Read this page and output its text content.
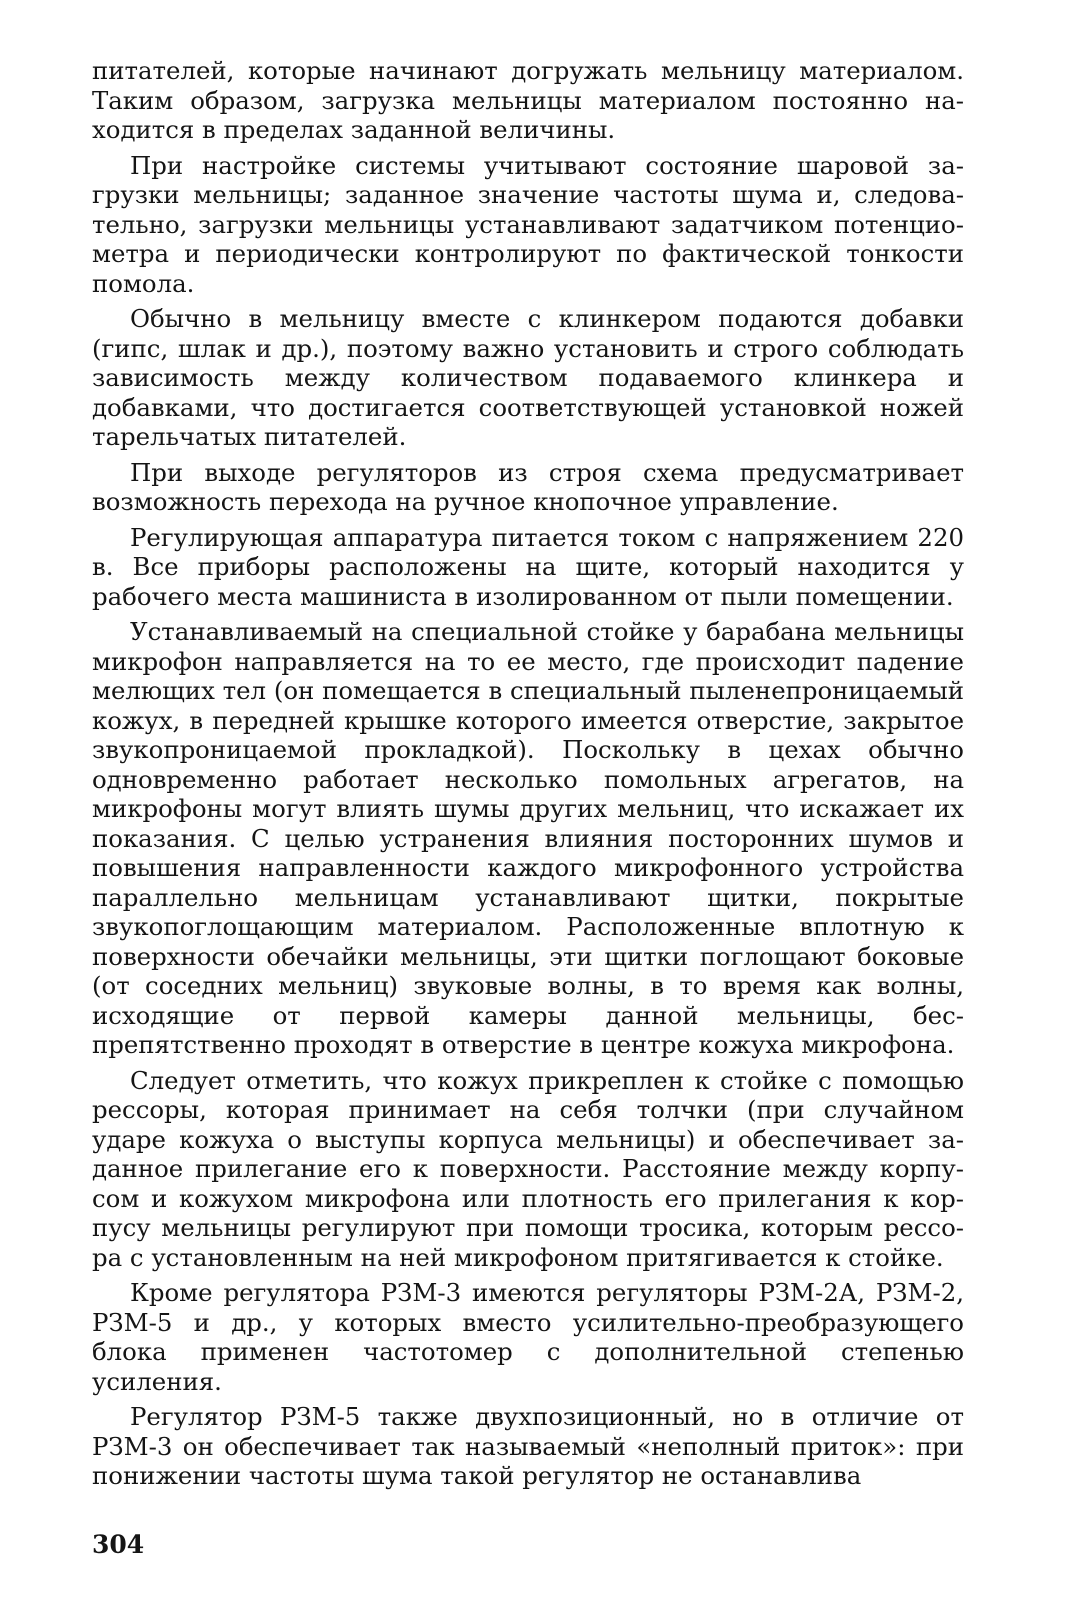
питателей, которые начинают догружать мельницу материалом. Таким образом, загрузка мельницы материалом постоянно находится в пределах заданной величины.

При настройке системы учитывают состояние шаровой загрузки мельницы; заданное значение частоты шума и, следовательно, загрузки мельницы устанавливают задатчиком потенциометра и периодически контролируют по фактической тонкости помола.

Обычно в мельницу вместе с клинкером подаются добавки (гипс, шлак и др.), поэтому важно установить и строго соблюдать зависимость между количеством подаваемого клинкера и добавками, что достигается соответствующей установкой ножей тарельчатых питателей.

При выходе регуляторов из строя схема предусматривает возможность перехода на ручное кнопочное управление.

Регулирующая аппаратура питается током с напряжением 220 в. Все приборы расположены на щите, который находится у рабочего места машиниста в изолированном от пыли помещении.

Устанавливаемый на специальной стойке у барабана мельницы микрофон направляется на то ее место, где происходит падение мелющих тел (он помещается в специальный пыленепроницаемый кожух, в передней крышке которого имеется отверстие, закрытое звукопроницаемой прокладкой). Поскольку в цехах обычно одновременно работает несколько помольных агрегатов, на микрофоны могут влиять шумы других мельниц, что искажает их показания. С целью устранения влияния посторонних шумов и повышения направленности каждого микрофонного устройства параллельно мельницам устанавливают щитки, покрытые звукопоглощающим материалом. Расположенные вплотную к поверхности обечайки мельницы, эти щитки поглощают боковые (от соседних мельниц) звуковые волны, в то время как волны, исходящие от первой камеры данной мельницы, беспрепятственно проходят в отверстие в центре кожуха микрофона.

Следует отметить, что кожух прикреплен к стойке с помощью рессоры, которая принимает на себя толчки (при случайном ударе кожуха о выступы корпуса мельницы) и обеспечивает заданное прилегание его к поверхности. Расстояние между корпусом и кожухом микрофона или плотность его прилегания к корпусу мельницы регулируют при помощи тросика, которым рессора с установленным на ней микрофоном притягивается к стойке.

Кроме регулятора РЗМ-3 имеются регуляторы РЗМ-2А, РЗМ-2, РЗМ-5 и др., у которых вместо усилительно-преобразующего блока применен частотомер с дополнительной степенью усиления.

Регулятор РЗМ-5 также двухпозиционный, но в отличие от РЗМ-3 он обеспечивает так называемый «неполный приток»: при понижении частоты шума такой регулятор не останавлива

304
